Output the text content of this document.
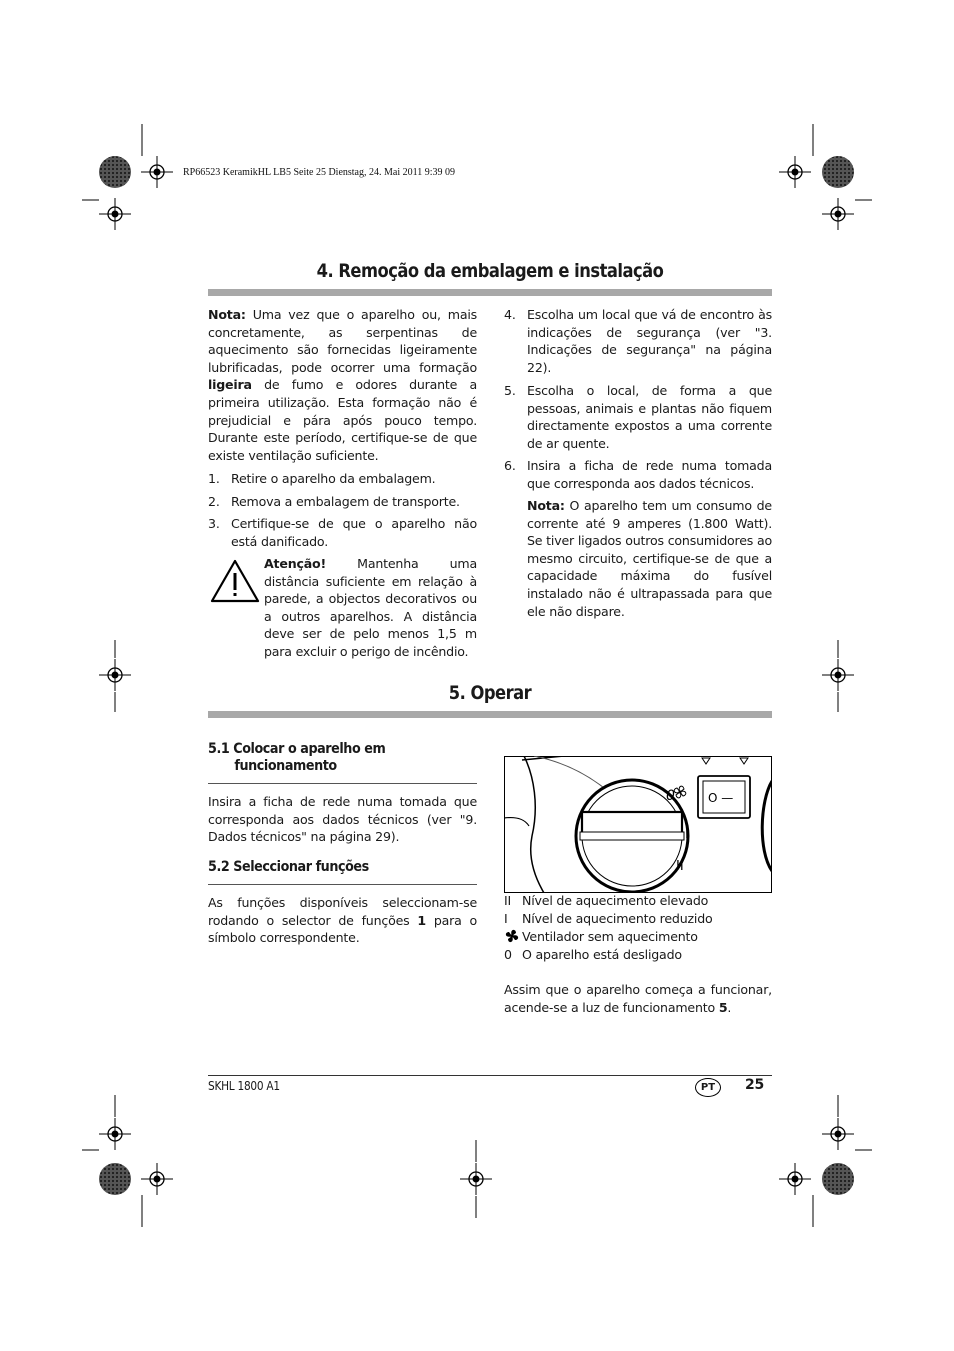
RP66523 KeramikHL LB5 Seite 25 Dienstag, 24. Mai 2011 9:39 09
4. Remoção da embalagem e instalação
Nota: Uma vez que o aparelho ou, mais concretamente, as serpentinas de aquecimento são fornecidas ligeiramente lubrificadas, pode ocorrer uma formação ligeira de fumo e odores durante a primeira utilização. Esta formação não é prejudicial e pára após pouco tempo. Durante este período, certifique-se de que existe ventilação suficiente.
1. Retire o aparelho da embalagem.
2. Remova a embalagem de transporte.
3. Certifique-se de que o aparelho não está danificado.
Atenção! Mantenha uma distância suficiente em relação à parede, a objectos decorativos ou a outros aparelhos. A distância deve ser de pelo menos 1,5 m para excluir o perigo de incêndio.
4. Escolha um local que vá de encontro às indicações de segurança (ver "3. Indicações de segurança" na página 22).
5. Escolha o local, de forma a que pessoas, animais e plantas não fiquem directamente expostos a uma corrente de ar quente.
6. Insira a ficha de rede numa tomada que corresponda aos dados técnicos.
Nota: O aparelho tem um consumo de corrente até 9 amperes (1.800 Watt). Se tiver ligados outros consumidores ao mesmo circuito, certifique-se de que a capacidade máxima do fusível instalado não é ultrapassada para que ele não dispare.
5. Operar
5.1 Colocar o aparelho em
funcionamento
Insira a ficha de rede numa tomada que corresponda aos dados técnicos (ver "9. Dados técnicos" na página 29).
5.2 Seleccionar funções
As funções disponíveis seleccionam-se rodando o selector de funções 1 para o símbolo correspondente.
0
I
II
O —
II Nível de aquecimento elevado
I Nível de aquecimento reduzido
Ventilador sem aquecimento
0 O aparelho está desligado
Assim que o aparelho começa a funcionar, acende-se a luz de funcionamento 5.
SKHL 1800 A1	PT	25
